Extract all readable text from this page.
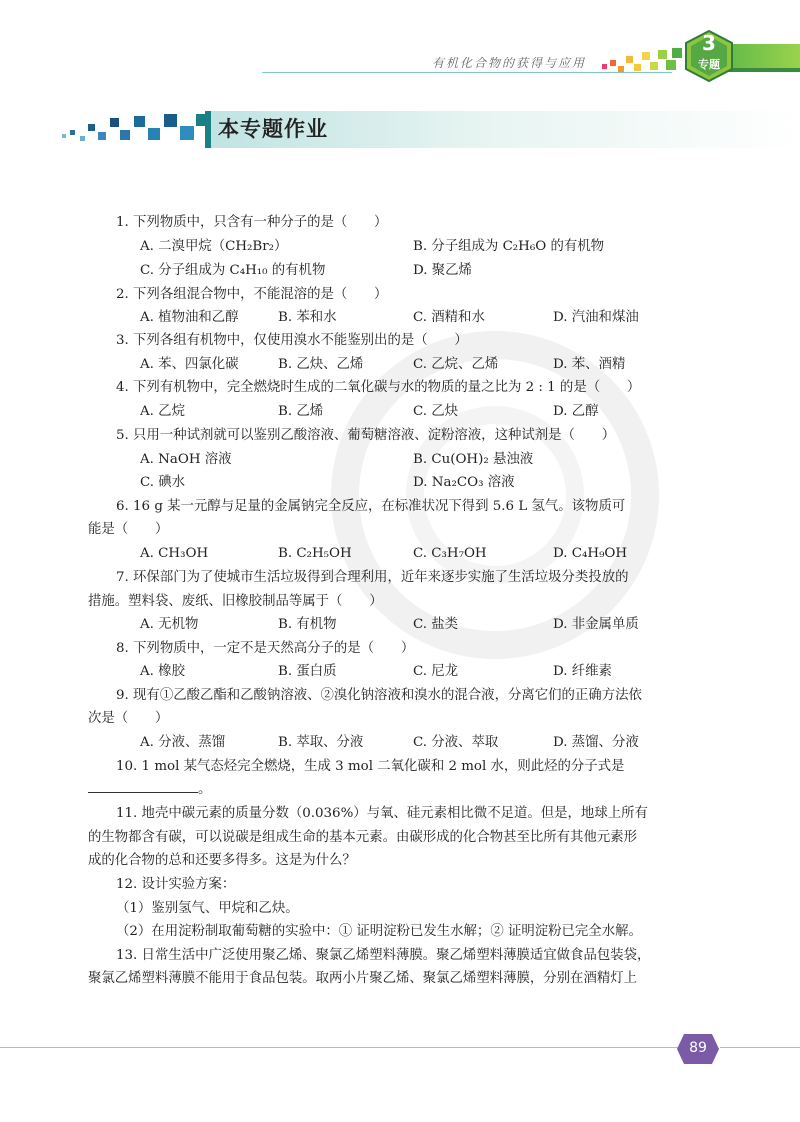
有机化合物的获得与应用
3
专题
本专题作业
1. 下列物质中，只含有一种分子的是（　　）
A. 二溴甲烷（CH₂Br₂）	B. 分子组成为 C₂H₆O 的有机物
C. 分子组成为 C₄H₁₀ 的有机物	D. 聚乙烯
2. 下列各组混合物中，不能混溶的是（　　）
A. 植物油和乙醇	B. 苯和水	C. 酒精和水	D. 汽油和煤油
3. 下列各组有机物中，仅使用溴水不能鉴别出的是（　　）
A. 苯、四氯化碳	B. 乙炔、乙烯	C. 乙烷、乙烯	D. 苯、酒精
4. 下列有机物中，完全燃烧时生成的二氧化碳与水的物质的量之比为 2 : 1 的是（　　）
A. 乙烷	B. 乙烯	C. 乙炔	D. 乙醇
5. 只用一种试剂就可以鉴别乙酸溶液、葡萄糖溶液、淀粉溶液，这种试剂是（　　）
A. NaOH 溶液	B. Cu(OH)₂ 悬浊液
C. 碘水	D. Na₂CO₃ 溶液
6. 16 g 某一元醇与足量的金属钠完全反应，在标准状况下得到 5.6 L 氢气。该物质可
能是（　　）
A. CH₃OH	B. C₂H₅OH	C. C₃H₇OH	D. C₄H₉OH
7. 环保部门为了使城市生活垃圾得到合理利用，近年来逐步实施了生活垃圾分类投放的
措施。塑料袋、废纸、旧橡胶制品等属于（　　）
A. 无机物	B. 有机物	C. 盐类	D. 非金属单质
8. 下列物质中，一定不是天然高分子的是（　　）
A. 橡胶	B. 蛋白质	C. 尼龙	D. 纤维素
9. 现有①乙酸乙酯和乙酸钠溶液、②溴化钠溶液和溴水的混合液，分离它们的正确方法依
次是（　　）
A. 分液、蒸馏	B. 萃取、分液	C. 分液、萃取	D. 蒸馏、分液
10. 1 mol 某气态烃完全燃烧，生成 3 mol 二氧化碳和 2 mol 水，则此烃的分子式是
。
11. 地壳中碳元素的质量分数（0.036%）与氧、硅元素相比微不足道。但是，地球上所有
的生物都含有碳，可以说碳是组成生命的基本元素。由碳形成的化合物甚至比所有其他元素形
成的化合物的总和还要多得多。这是为什么？
12. 设计实验方案：
（1）鉴别氢气、甲烷和乙炔。
（2）在用淀粉制取葡萄糖的实验中：① 证明淀粉已发生水解；② 证明淀粉已完全水解。
13. 日常生活中广泛使用聚乙烯、聚氯乙烯塑料薄膜。聚乙烯塑料薄膜适宜做食品包装袋，
聚氯乙烯塑料薄膜不能用于食品包装。取两小片聚乙烯、聚氯乙烯塑料薄膜，分别在酒精灯上
89
